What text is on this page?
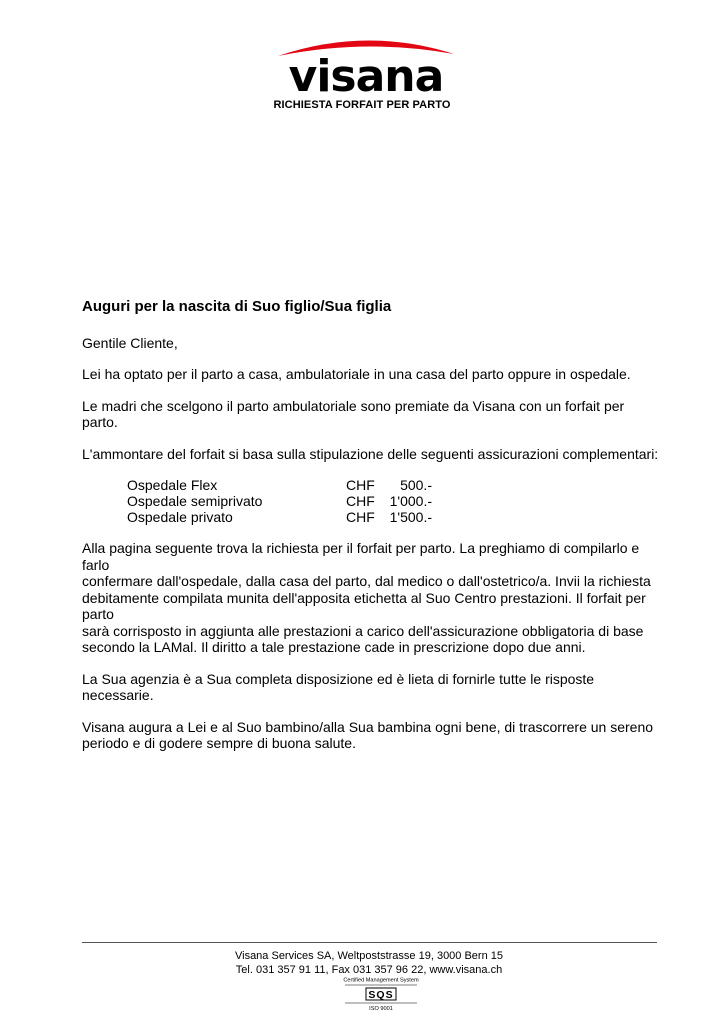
visana
RICHIESTA FORFAIT PER PARTO
Auguri per la nascita di Suo figlio/Sua figlia
Gentile Cliente,
Lei ha optato per il parto a casa, ambulatoriale in una casa del parto oppure in ospedale.
Le madri che scelgono il parto ambulatoriale sono premiate da Visana con un forfait per parto.
L'ammontare del forfait si basa sulla stipulazione delle seguenti assicurazioni complementari:
Ospedale Flex	CHF	500.-
Ospedale semiprivato	CHF	1'000.-
Ospedale privato	CHF	1'500.-
Alla pagina seguente trova la richiesta per il forfait per parto. La preghiamo di compilarlo e farlo
confermare dall'ospedale, dalla casa del parto, dal medico o dall'ostetrico/a. Invii la richiesta
debitamente compilata munita dell'apposita etichetta al Suo Centro prestazioni. Il forfait per parto
sarà corrisposto in aggiunta alle prestazioni a carico dell'assicurazione obbligatoria di base
secondo la LAMal. Il diritto a tale prestazione cade in prescrizione dopo due anni.
La Sua agenzia è a Sua completa disposizione ed è lieta di fornirle tutte le risposte necessarie.
Visana augura a Lei e al Suo bambino/alla Sua bambina ogni bene, di trascorrere un sereno
periodo e di godere sempre di buona salute.
Visana Services SA, Weltpoststrasse 19, 3000 Bern 15
Tel. 031 357 91 11, Fax 031 357 96 22, www.visana.ch
Certified Management System
SQS
ISO 9001
